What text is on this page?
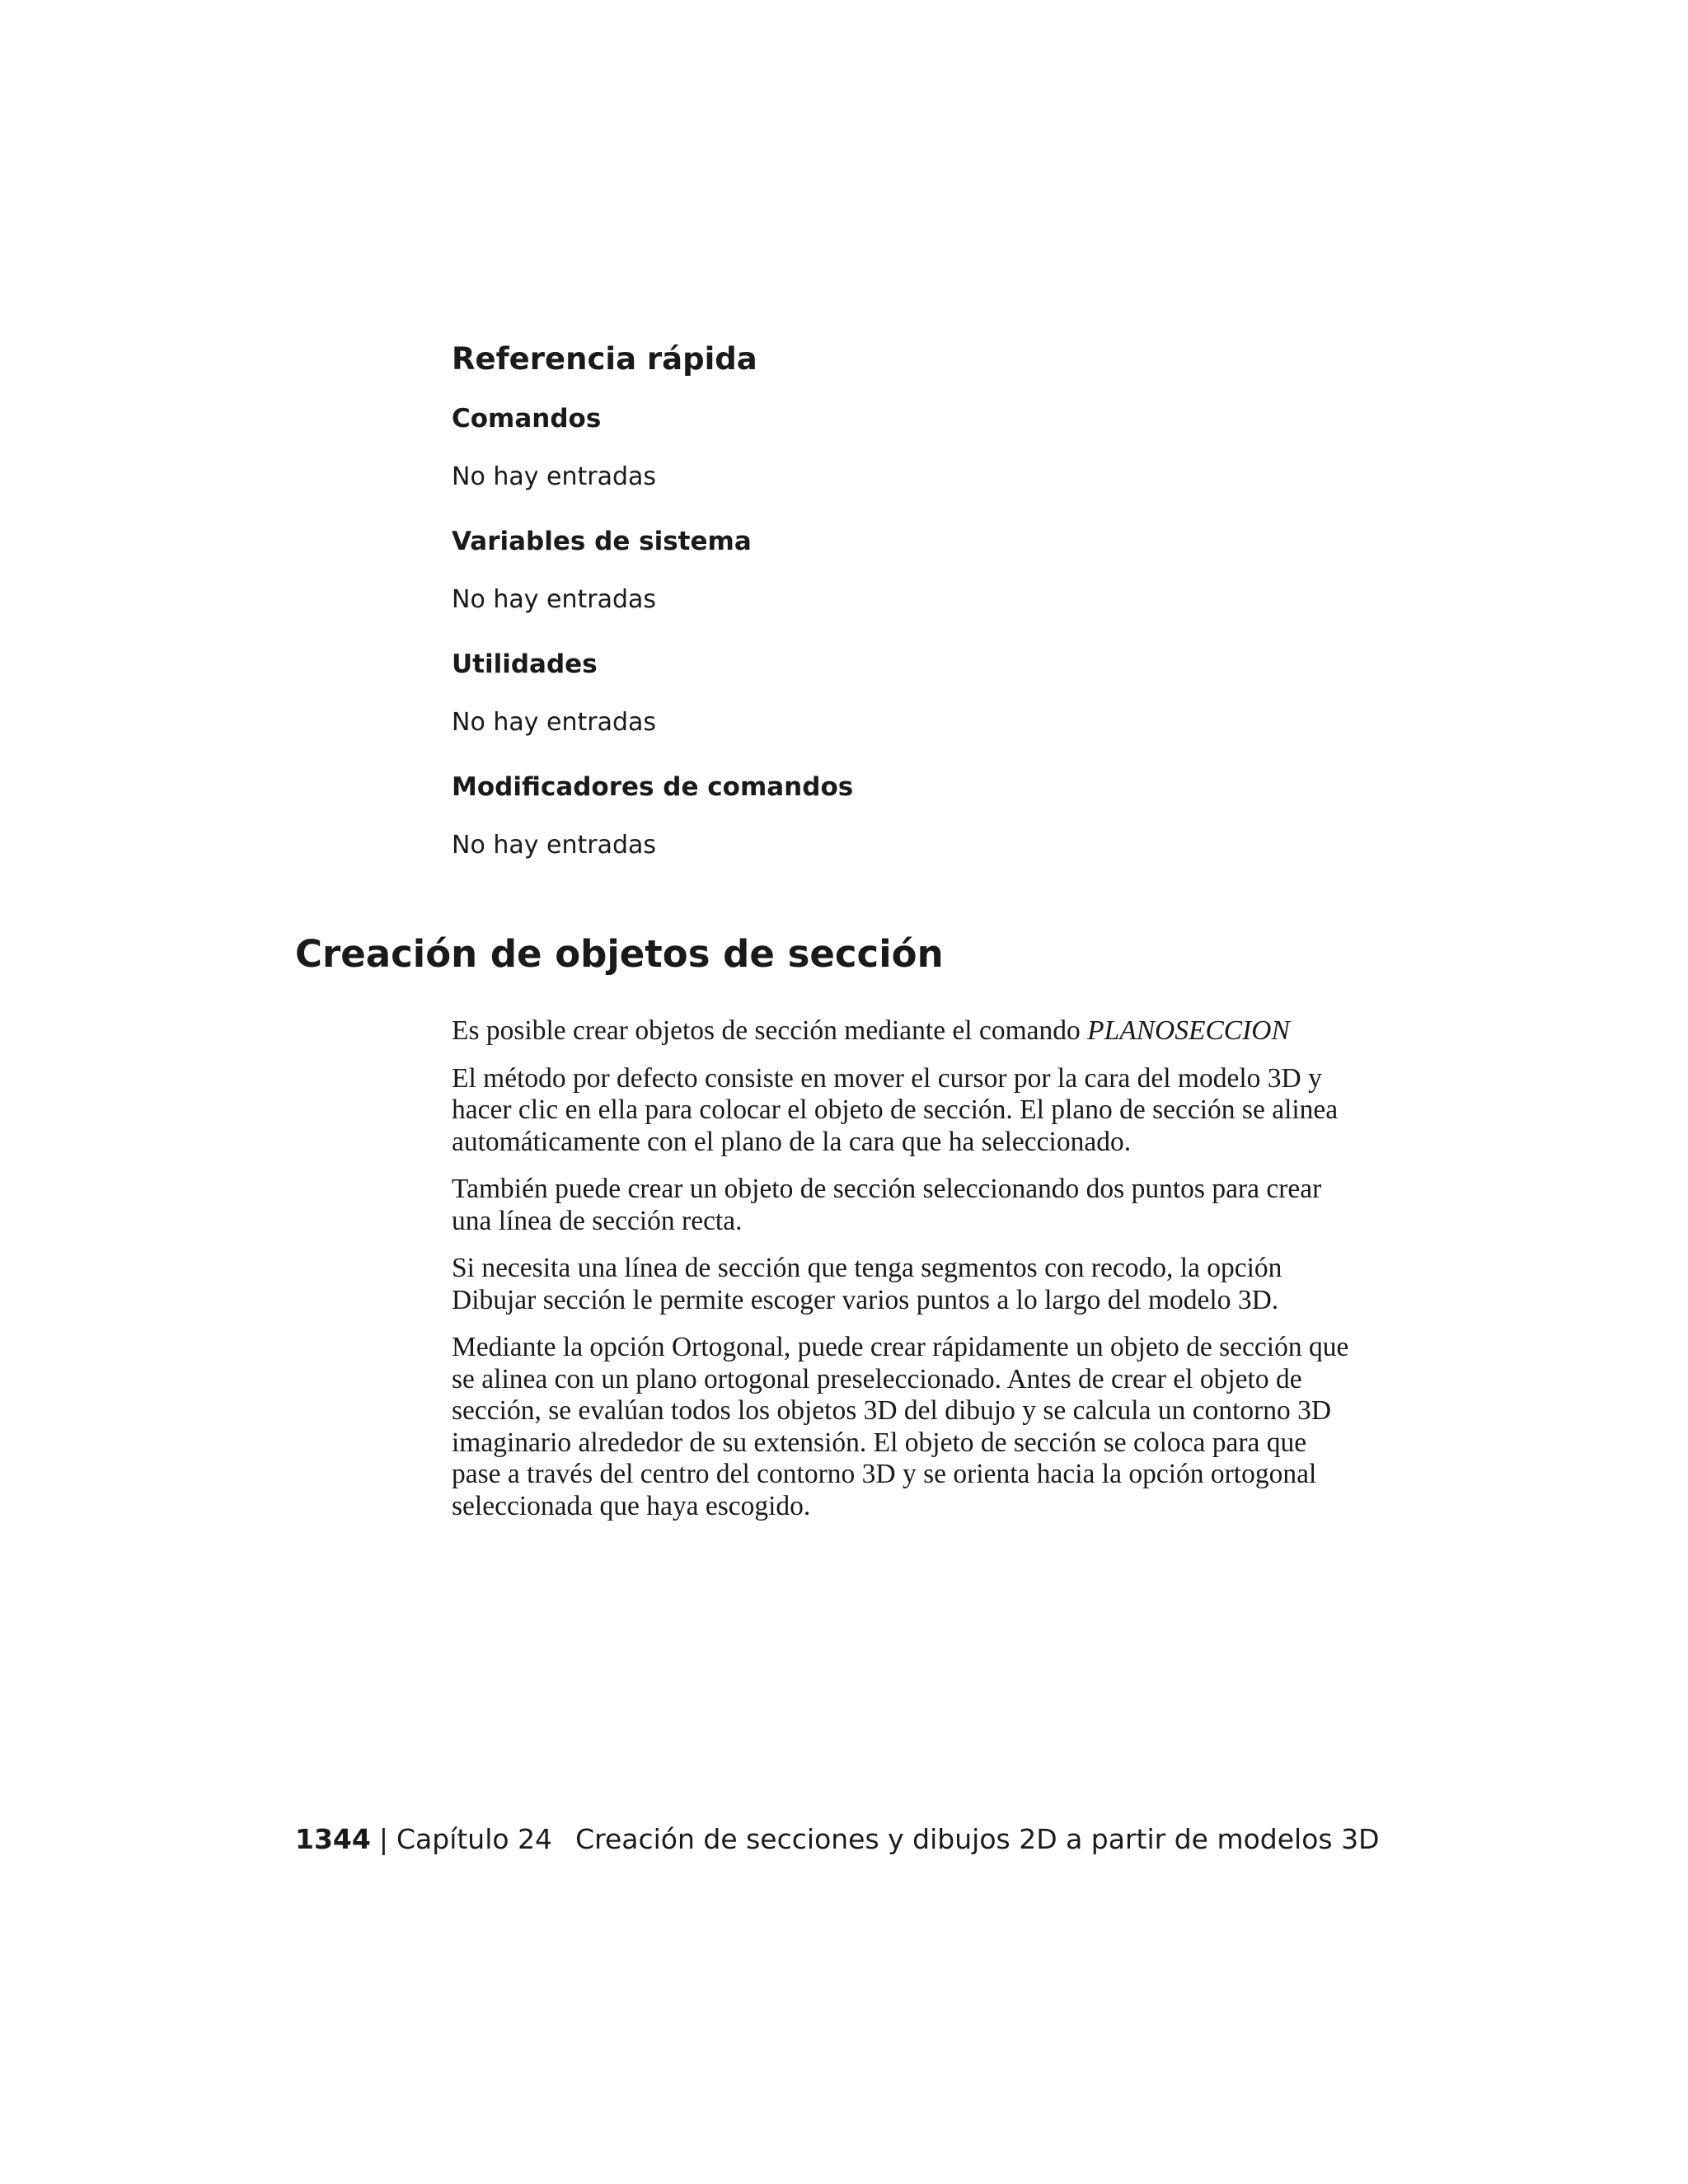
Referencia rápida
Comandos

No hay entradas

Variables de sistema

No hay entradas

Utilidades

No hay entradas

Modificadores de comandos

No hay entradas

Creación de objetos de sección

Es posible crear objetos de sección mediante el comando PLANOSECCION

El método por defecto consiste en mover el cursor por la cara del modelo 3D y hacer clic en ella para colocar el objeto de sección. El plano de sección se alinea automáticamente con el plano de la cara que ha seleccionado.

También puede crear un objeto de sección seleccionando dos puntos para crear una línea de sección recta.

Si necesita una línea de sección que tenga segmentos con recodo, la opción Dibujar sección le permite escoger varios puntos a lo largo del modelo 3D.

Mediante la opción Ortogonal, puede crear rápidamente un objeto de sección que se alinea con un plano ortogonal preseleccionado. Antes de crear el objeto de sección, se evalúan todos los objetos 3D del dibujo y se calcula un contorno 3D imaginario alrededor de su extensión. El objeto de sección se coloca para que pase a través del centro del contorno 3D y se orienta hacia la opción ortogonal seleccionada que haya escogido.

1344 | Capítulo 24 Creación de secciones y dibujos 2D a partir de modelos 3D
